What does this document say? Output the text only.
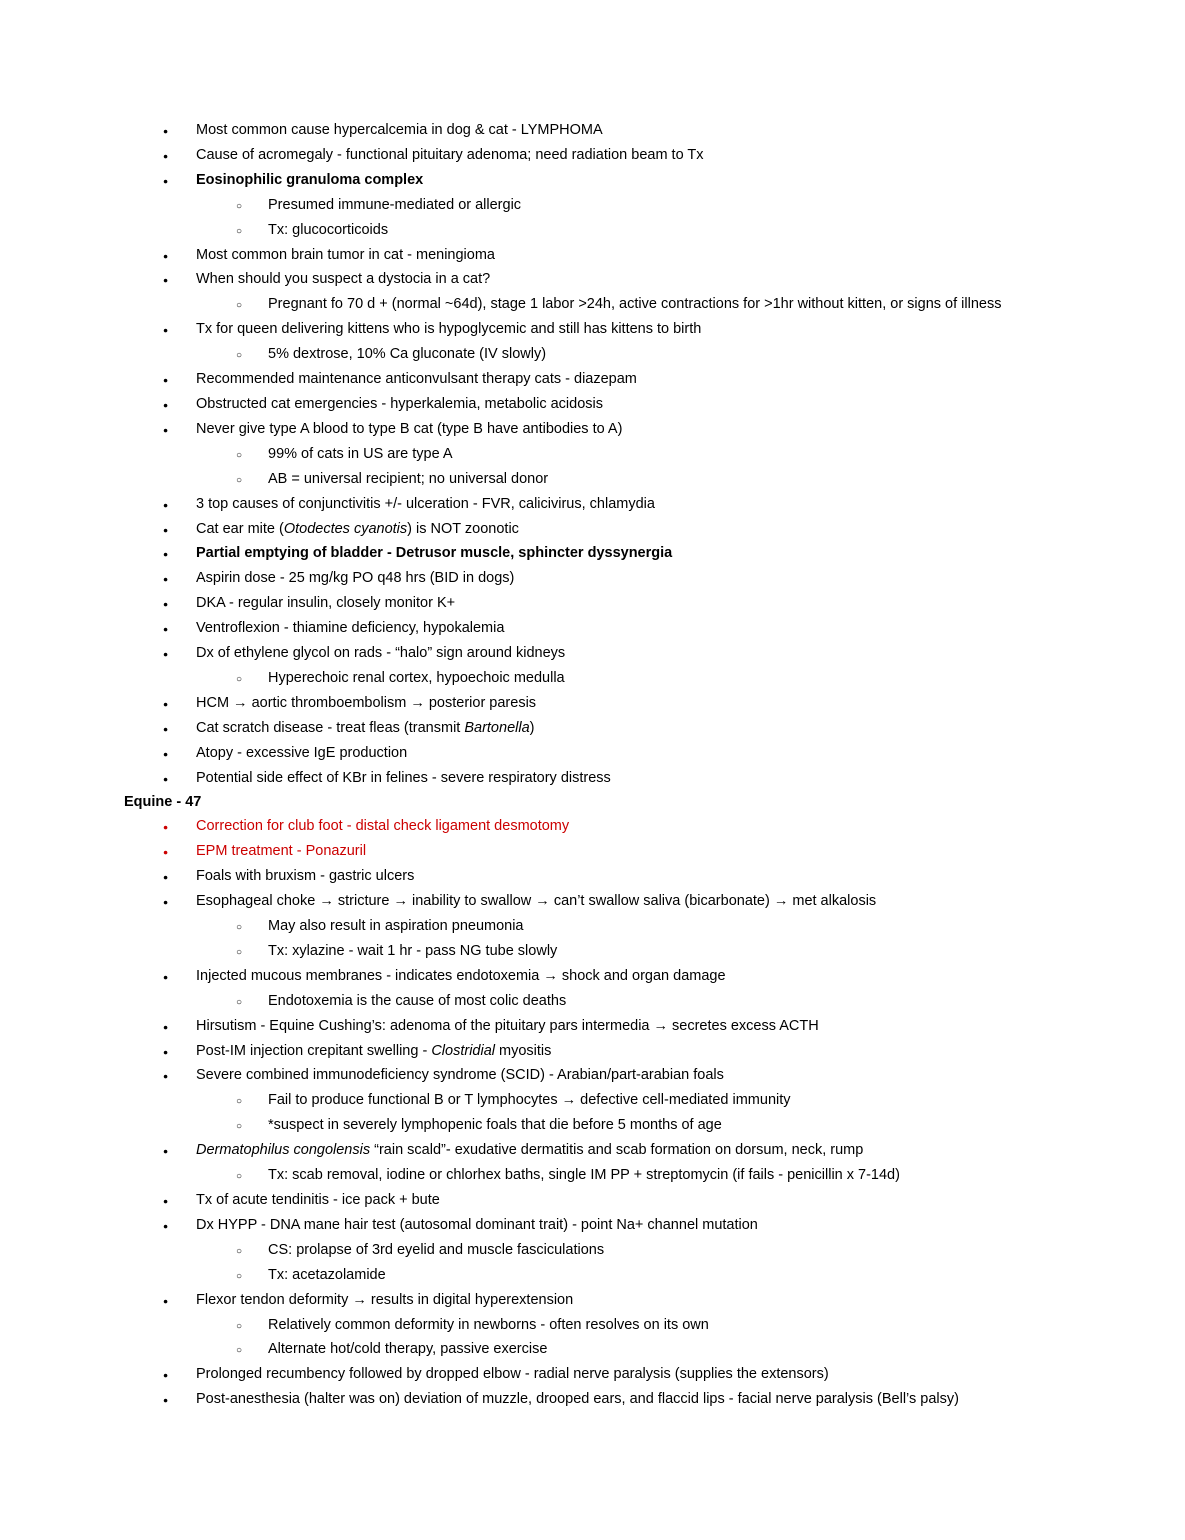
●	Most common cause hypercalcemia in dog & cat - LYMPHOMA
●	Cause of acromegaly - functional pituitary adenoma; need radiation beam to Tx
●	Eosinophilic granuloma complex
○	Presumed immune-mediated or allergic
○	Tx: glucocorticoids
●	Most common brain tumor in cat - meningioma
●	When should you suspect a dystocia in a cat?
○	Pregnant fo 70 d + (normal ~64d), stage 1 labor >24h, active contractions for >1hr without kitten, or signs of illness
●	Tx for queen delivering kittens who is hypoglycemic and still has kittens to birth
○	5% dextrose, 10% Ca gluconate (IV slowly)
●	Recommended maintenance anticonvulsant therapy cats - diazepam
●	Obstructed cat emergencies - hyperkalemia, metabolic acidosis
●	Never give type A blood to type B cat (type B have antibodies to A)
○	99% of cats in US are type A
○	AB = universal recipient; no universal donor
●	3 top causes of conjunctivitis +/- ulceration - FVR, calicivirus, chlamydia
●	Cat ear mite (Otodectes cyanotis) is NOT zoonotic
●	Partial emptying of bladder - Detrusor muscle, sphincter dyssynergia
●	Aspirin dose - 25 mg/kg PO q48 hrs (BID in dogs)
●	DKA - regular insulin, closely monitor K+
●	Ventroflexion - thiamine deficiency, hypokalemia
●	Dx of ethylene glycol on rads - “halo” sign around kidneys
○	Hyperechoic renal cortex, hypoechoic medulla
●	HCM → aortic thromboembolism → posterior paresis
●	Cat scratch disease - treat fleas (transmit Bartonella)
●	Atopy - excessive IgE production
●	Potential side effect of KBr in felines - severe respiratory distress
Equine - 47
●	Correction for club foot - distal check ligament desmotomy
●	EPM treatment - Ponazuril
●	Foals with bruxism - gastric ulcers
●	Esophageal choke → stricture → inability to swallow → can’t swallow saliva (bicarbonate) → met alkalosis
○	May also result in aspiration pneumonia
○	Tx: xylazine - wait 1 hr - pass NG tube slowly
●	Injected mucous membranes - indicates endotoxemia → shock and organ damage
○	Endotoxemia is the cause of most colic deaths
●	Hirsutism - Equine Cushing’s: adenoma of the pituitary pars intermedia → secretes excess ACTH
●	Post-IM injection crepitant swelling - Clostridial myositis
●	Severe combined immunodeficiency syndrome (SCID) - Arabian/part-arabian foals
○	Fail to produce functional B or T lymphocytes → defective cell-mediated immunity
○	*suspect in severely lymphopenic foals that die before 5 months of age
●	Dermatophilus congolensis “rain scald”- exudative dermatitis and scab formation on dorsum, neck, rump
○	Tx: scab removal, iodine or chlorhex baths, single IM PP + streptomycin (if fails - penicillin x 7-14d)
●	Tx of acute tendinitis - ice pack + bute
●	Dx HYPP - DNA mane hair test (autosomal dominant trait) - point Na+ channel mutation
○	CS: prolapse of 3rd eyelid and muscle fasciculations
○	Tx: acetazolamide
●	Flexor tendon deformity → results in digital hyperextension
○	Relatively common deformity in newborns - often resolves on its own
○	Alternate hot/cold therapy, passive exercise
●	Prolonged recumbency followed by dropped elbow - radial nerve paralysis (supplies the extensors)
●	Post-anesthesia (halter was on) deviation of muzzle, drooped ears, and flaccid lips - facial nerve paralysis (Bell’s palsy)
